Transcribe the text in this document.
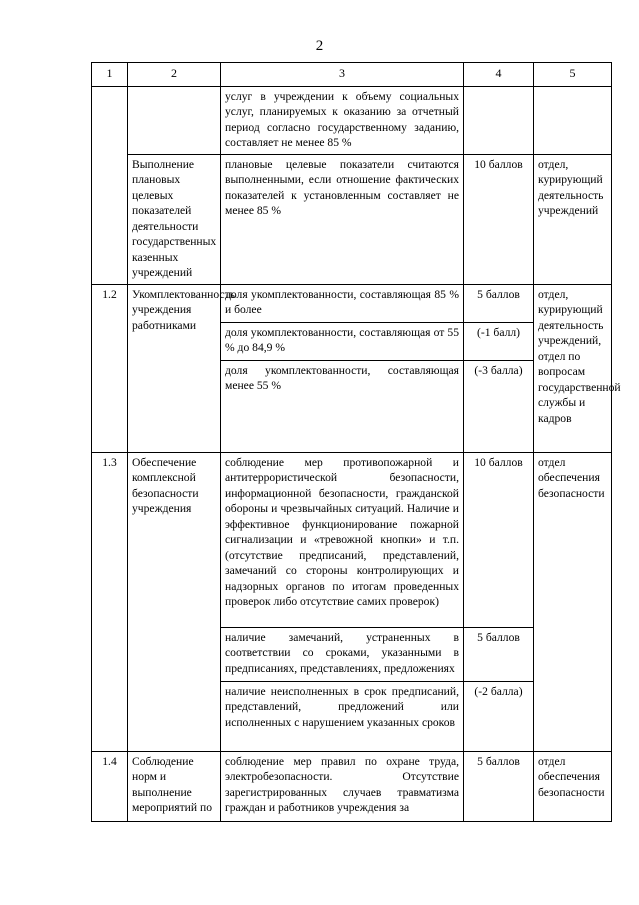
2
1	2	3	4	5
		услуг в учреждении к объему социальных услуг, планируемых к оказанию за отчетный период согласно государственному заданию, составляет не менее 85 %		
	Выполнение плановых целевых показателей деятельности государственных казенных учреждений	плановые целевые показатели считаются выполненными, если отношение фактических показателей к установленным составляет не менее 85 %	10 баллов	отдел, курирующий деятельность учреждений
1.2	Укомплектованность учреждения работниками	доля укомплектованности, составляющая 85 % и более	5 баллов	отдел, курирующий деятельность учреждений, отдел по вопросам государственной службы и кадров
		доля укомплектованности, составляющая от 55 % до 84,9 %	(-1 балл)	
		доля укомплектованности, составляющая менее 55 %	(-3 балла)	
1.3	Обеспечение комплексной безопасности учреждения	соблюдение мер противопожарной и антитеррористической безопасности, информационной безопасности, гражданской обороны и чрезвычайных ситуаций. Наличие и эффективное функционирование пожарной сигнализации и «тревожной кнопки» и т.п. (отсутствие предписаний, представлений, замечаний со стороны контролирующих и надзорных органов по итогам проведенных проверок либо отсутствие самих проверок)	10 баллов	отдел обеспечения безопасности
		наличие замечаний, устраненных в соответствии со сроками, указанными в предписаниях, представлениях, предложениях	5 баллов	
		наличие неисполненных в срок предписаний, представлений, предложений или исполненных с нарушением указанных сроков	(-2 балла)	
1.4	Соблюдение норм и выполнение мероприятий по	соблюдение мер правил по охране труда, электробезопасности. Отсутствие зарегистрированных случаев травматизма граждан и работников учреждения за	5 баллов	отдел обеспечения безопасности
